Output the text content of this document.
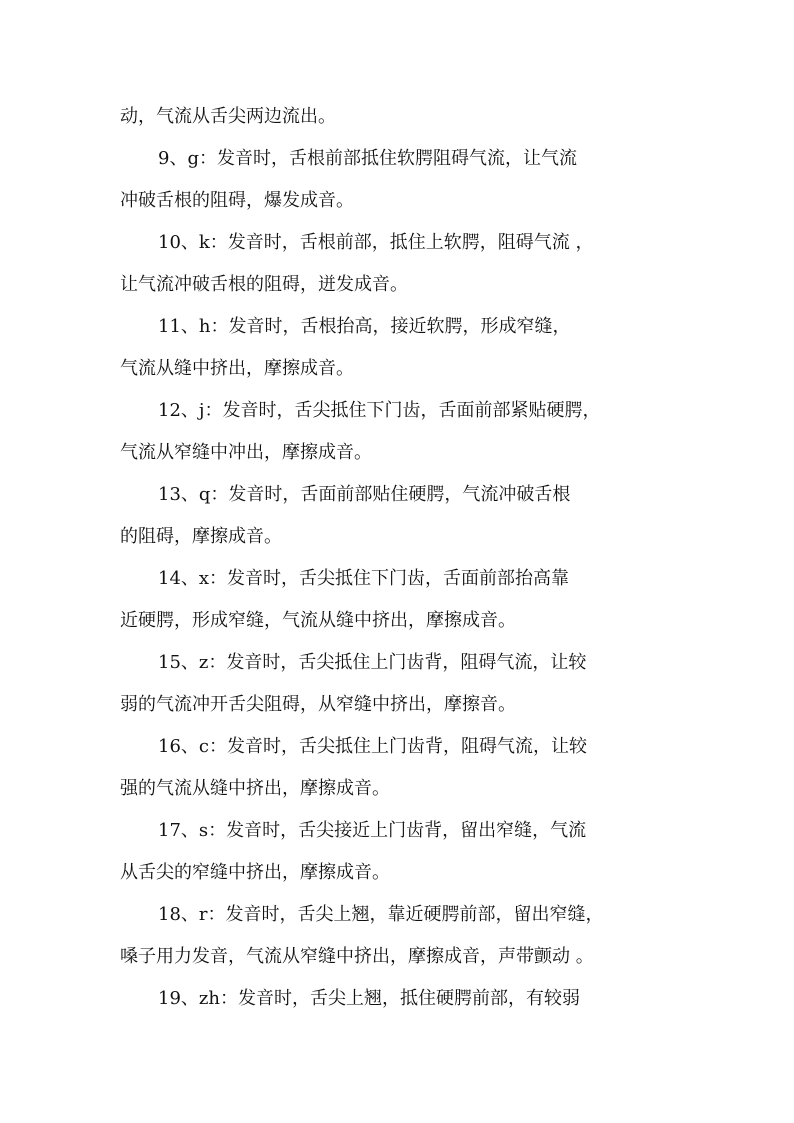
动，气流从舌尖两边流出。
9、g：发音时，舌根前部抵住软腭阻碍气流，让气流
冲破舌根的阻碍，爆发成音。
10、k：发音时，舌根前部，抵住上软腭，阻碍气流 ，
让气流冲破舌根的阻碍，迸发成音。
11、h：发音时，舌根抬高，接近软腭，形成窄缝，
气流从缝中挤出，摩擦成音。
12、j：发音时，舌尖抵住下门齿，舌面前部紧贴硬腭，
气流从窄缝中冲出，摩擦成音。
13、q：发音时，舌面前部贴住硬腭，气流冲破舌根
的阻碍，摩擦成音。
14、x：发音时，舌尖抵住下门齿，舌面前部抬高靠
近硬腭，形成窄缝，气流从缝中挤出，摩擦成音。
15、z：发音时，舌尖抵住上门齿背，阻碍气流，让较
弱的气流冲开舌尖阻碍，从窄缝中挤出，摩擦音。
16、c：发音时，舌尖抵住上门齿背，阻碍气流，让较
强的气流从缝中挤出，摩擦成音。
17、s：发音时，舌尖接近上门齿背，留出窄缝，气流
从舌尖的窄缝中挤出，摩擦成音。
18、r：发音时，舌尖上翘，靠近硬腭前部，留出窄缝，
嗓子用力发音，气流从窄缝中挤出，摩擦成音，声带颤动 。
19、zh：发音时，舌尖上翘，抵住硬腭前部，有较弱
